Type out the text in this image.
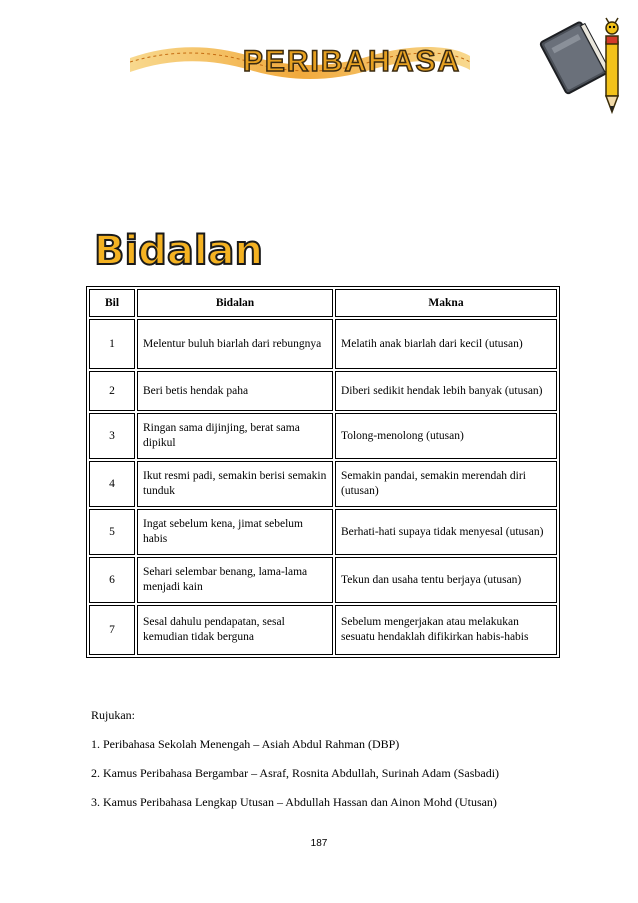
PERIBAHASA
Bidalan
Bil	Bidalan	Makna
1	Melentur buluh biarlah dari rebungnya	Melatih anak biarlah dari kecil (utusan)
2	Beri betis hendak paha	Diberi sedikit hendak lebih banyak (utusan)
3	Ringan sama dijinjing, berat sama dipikul	Tolong-menolong (utusan)
4	Ikut resmi padi, semakin berisi semakin tunduk	Semakin pandai, semakin merendah diri (utusan)
5	Ingat sebelum kena, jimat sebelum habis	Berhati-hati supaya tidak menyesal (utusan)
6	Sehari selembar benang, lama-lama menjadi kain	Tekun dan usaha tentu berjaya (utusan)
7	Sesal dahulu pendapatan, sesal kemudian tidak berguna	Sebelum mengerjakan atau melakukan sesuatu hendaklah difikirkan habis-habis

Rujukan:

1. Peribahasa Sekolah Menengah – Asiah Abdul Rahman (DBP)

2. Kamus Peribahasa Bergambar – Asraf, Rosnita Abdullah, Surinah Adam (Sasbadi)

3. Kamus Peribahasa Lengkap Utusan – Abdullah Hassan dan Ainon Mohd (Utusan)

187
